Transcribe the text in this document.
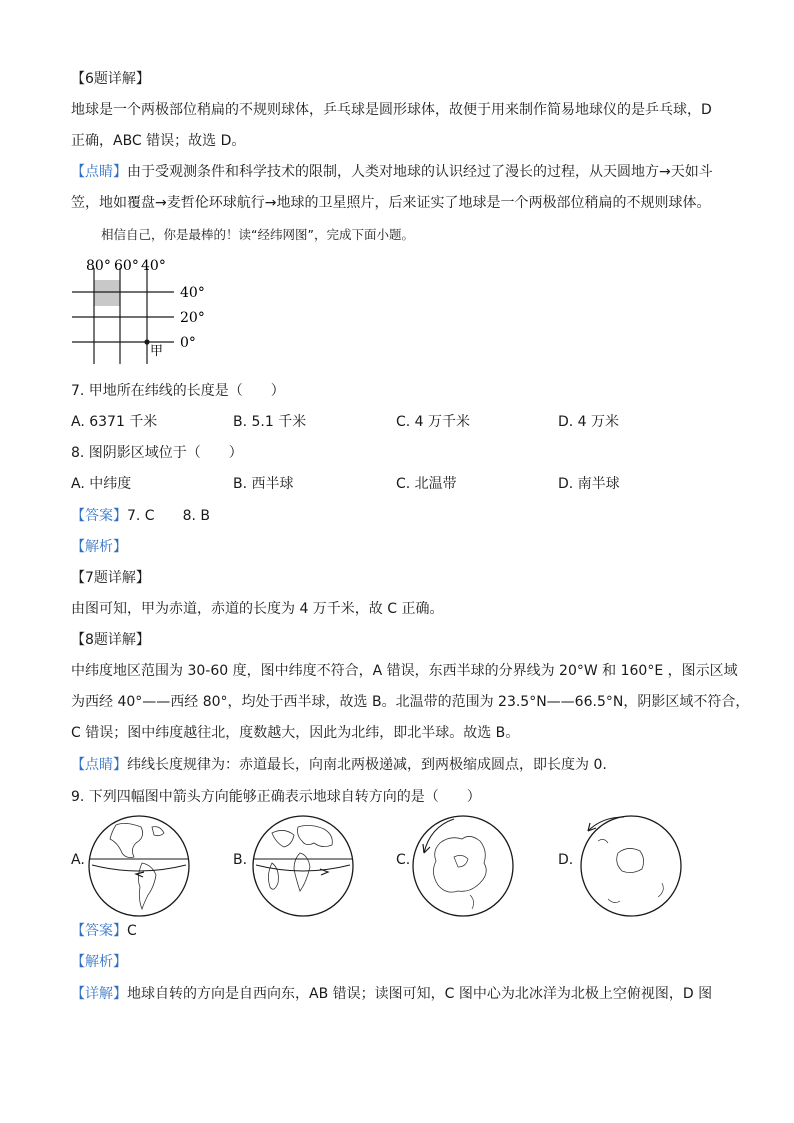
【6题详解】
地球是一个两极部位稍扁的不规则球体，乒乓球是圆形球体，故便于用来制作简易地球仪的是乒乓球，D
正确，ABC 错误；故选 D。
【点睛】由于受观测条件和科学技术的限制，人类对地球的认识经过了漫长的过程，从天圆地方→天如斗
笠，地如覆盘→麦哲伦环球航行→地球的卫星照片，后来证实了地球是一个两极部位稍扁的不规则球体。
相信自己，你是最棒的！读“经纬网图”，完成下面小题。
80° 60° 40°
40°
20°
0°
甲
7. 甲地所在纬线的长度是（　　）
A. 6371 千米	B. 5.1 千米	C. 4 万千米	D. 4 万米
8. 图阴影区域位于（　　）
A. 中纬度	B. 西半球	C. 北温带	D. 南半球
【答案】7. C　　8. B
【解析】
【7题详解】
由图可知，甲为赤道，赤道的长度为 4 万千米，故 C 正确。
【8题详解】
中纬度地区范围为 30-60 度，图中纬度不符合，A 错误，东西半球的分界线为 20°W 和 160°E ，图示区域
为西经 40°——西经 80°，均处于西半球，故选 B。北温带的范围为 23.5°N——66.5°N，阴影区域不符合，
C 错误；图中纬度越往北，度数越大，因此为北纬，即北半球。故选 B。
【点睛】纬线长度规律为：赤道最长，向南北两极递减，到两极缩成圆点，即长度为 0.
9. 下列四幅图中箭头方向能够正确表示地球自转方向的是（　　）
A.	B.	C.	D.
【答案】C
【解析】
【详解】地球自转的方向是自西向东，AB 错误；读图可知，C 图中心为北冰洋为北极上空俯视图，D 图
